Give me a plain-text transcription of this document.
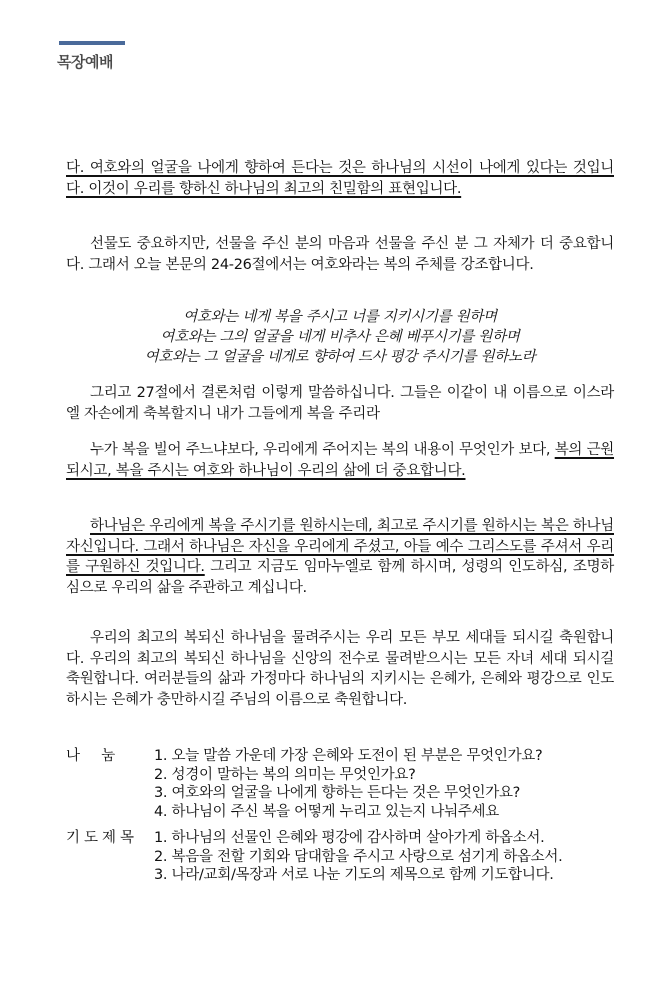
목장예배
다. 여호와의 얼굴을 나에게 향하여 든다는 것은 하나님의 시선이 나에게 있다는 것입니다. 이것이 우리를 향하신 하나님의 최고의 친밀함의 표현입니다.
선물도 중요하지만, 선물을 주신 분의 마음과 선물을 주신 분 그 자체가 더 중요합니다. 그래서 오늘 본문의 24-26절에서는 여호와라는 복의 주체를 강조합니다.
여호와는 네게 복을 주시고 너를 지키시기를 원하며
여호와는 그의 얼굴을 네게 비추사 은혜 베푸시기를 원하며
여호와는 그 얼굴을 네게로 향하여 드사 평강 주시기를 원하노라
그리고 27절에서 결론처럼 이렇게 말씀하십니다. 그들은 이같이 내 이름으로 이스라엘 자손에게 축복할지니 내가 그들에게 복을 주리라
누가 복을 빌어 주느냐보다, 우리에게 주어지는 복의 내용이 무엇인가 보다, 복의 근원 되시고, 복을 주시는 여호와 하나님이 우리의 삶에 더 중요합니다.
하나님은 우리에게 복을 주시기를 원하시는데, 최고로 주시기를 원하시는 복은 하나님 자신입니다. 그래서 하나님은 자신을 우리에게 주셨고, 아들 예수 그리스도를 주셔서 우리를 구원하신 것입니다. 그리고 지금도 임마누엘로 함께 하시며, 성령의 인도하심, 조명하심으로 우리의 삶을 주관하고 계십니다.
우리의 최고의 복되신 하나님을 물려주시는 우리 모든 부모 세대들 되시길 축원합니다. 우리의 최고의 복되신 하나님을 신앙의 전수로 물려받으시는 모든 자녀 세대 되시길 축원합니다. 여러분들의 삶과 가정마다 하나님의 지키시는 은혜가, 은혜와 평강으로 인도하시는 은혜가 충만하시길 주님의 이름으로 축원합니다.
나     눔	1. 오늘 말씀 가운데 가장 은혜와 도전이 된 부분은 무엇인가요?
2. 성경이 말하는 복의 의미는 무엇인가요?
3. 여호와의 얼굴을 나에게 향하는 든다는 것은 무엇인가요?
4. 하나님이 주신 복을 어떻게 누리고 있는지 나눠주세요
기도제목	1. 하나님의 선물인 은혜와 평강에 감사하며 살아가게 하옵소서.
2. 복음을 전할 기회와 담대함을 주시고 사랑으로 섬기게 하옵소서.
3. 나라/교회/목장과 서로 나눈 기도의 제목으로 함께 기도합니다.
